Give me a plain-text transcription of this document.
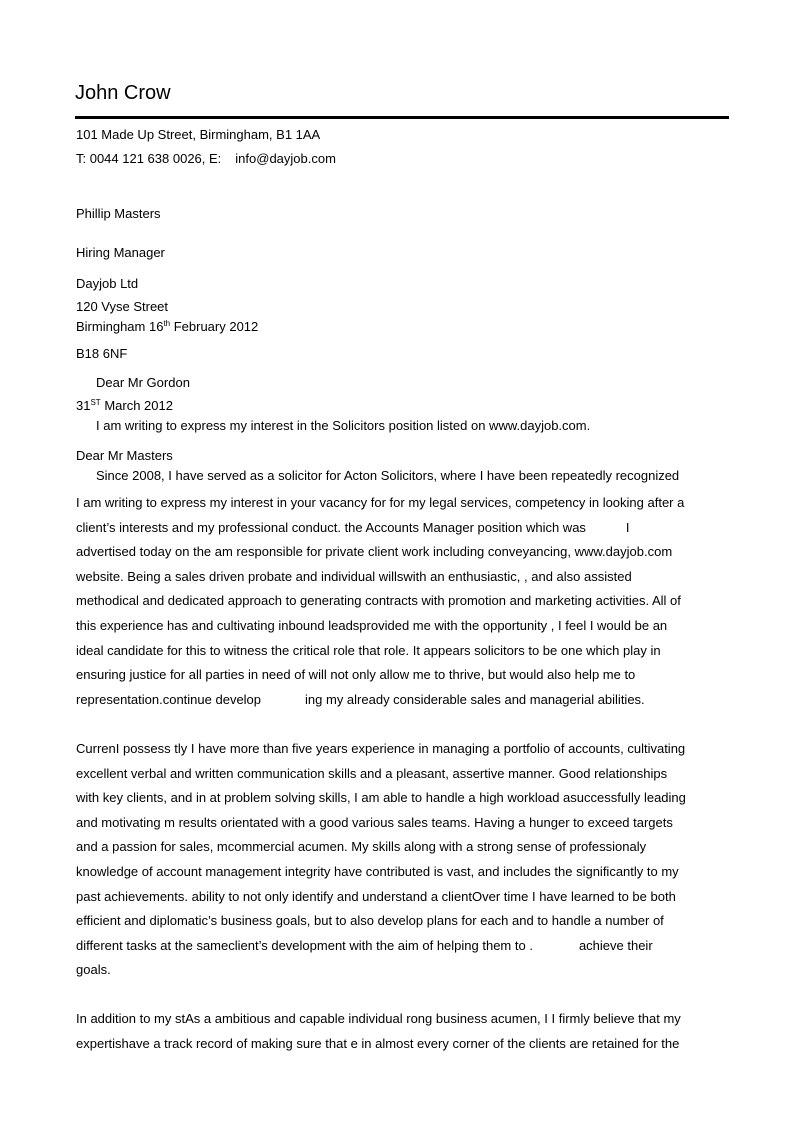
John Crow
101 Made Up Street, Birmingham, B1 1AA
T: 0044 121 638 0026, E: info@dayjob.com
Phillip Masters
Hiring Manager
Dayjob Ltd
120 Vyse Street
Birmingham 16th February 2012
B18 6NF
Dear Mr Gordon
31ST March 2012
I am writing to express my interest in the Solicitors position listed on www.dayjob.com.
Dear Mr Masters
Since 2008, I have served as a solicitor for Acton Solicitors, where I have been repeatedly recognized
I am writing to express my interest in your vacancy for for my legal services, competency in looking after a
client’s interests and my professional conduct. the Accounts Manager position which was	I
advertised today on the am responsible for private client work including conveyancing, www.dayjob.com
website. Being a sales driven probate and individual willswith an enthusiastic, , and also assisted
methodical and dedicated approach to generating contracts with promotion and marketing activities. All of
this experience has and cultivating inbound leadsprovided me with the opportunity , I feel I would be an
ideal candidate for this to witness the critical role that role. It appears solicitors to be one which play in
ensuring justice for all parties in need of will not only allow me to thrive, but would also help me to
representation.continue develop	ing my already considerable sales and managerial abilities.
CurrenI possess tly I have more than five years experience in managing a portfolio of accounts, cultivating
excellent verbal and written communication skills and a pleasant, assertive manner. Good relationships
with key clients, and in at problem solving skills, I am able to handle a high workload asuccessfully leading
and motivating m results orientated with a good various sales teams. Having a hunger to exceed targets
and a passion for sales, mcommercial acumen. My skills along with a strong sense of professionaly
knowledge of account management integrity have contributed is vast, and includes the significantly to my
past achievements. ability to not only identify and understand a clientOver time I have learned to be both
efficient and diplomatic’s business goals, but to also develop plans for each and to handle a number of
different tasks at the sameclient’s development with the aim of helping them to .	achieve their
goals.
In addition to my stAs a ambitious and capable individual rong business acumen, I I firmly believe that my
expertishave a track record of making sure that e in almost every corner of the clients are retained for the
